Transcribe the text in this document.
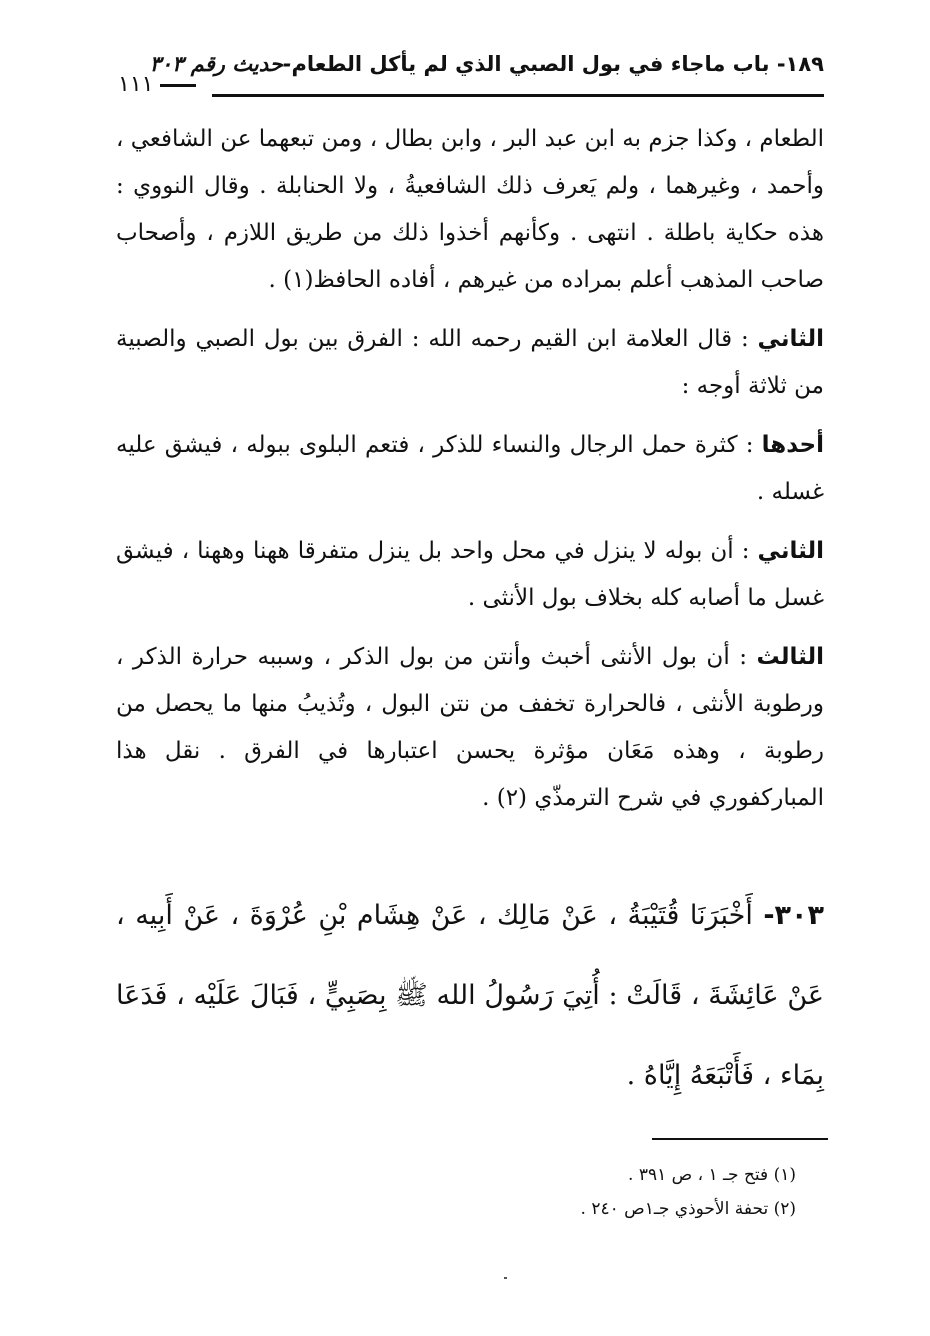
١٨٩- باب ماجاء في بول الصبي الذي لم يأكل الطعام-حديث رقم ٣٠٣
١١١

الطعام ، وكذا جزم به ابن عبد البر ، وابن بطال ، ومن تبعهما عن الشافعي ، وأحمد ، وغيرهما ، ولم يَعرف ذلك الشافعيةُ ، ولا الحنابلة . وقال النووي : هذه حكاية باطلة . انتهى . وكأنهم أخذوا ذلك من طريق اللازم ، وأصحاب صاحب المذهب أعلم بمراده من غيرهم ، أفاده الحافظ(١) .

الثاني : قال العلامة ابن القيم رحمه الله : الفرق بين بول الصبي والصبية من ثلاثة أوجه :

أحدها : كثرة حمل الرجال والنساء للذكر ، فتعم البلوى ببوله ، فيشق عليه غسله .

الثاني : أن بوله لا ينزل في محل واحد بل ينزل متفرقا ههنا وههنا ، فيشق غسل ما أصابه كله بخلاف بول الأنثى .

الثالث : أن بول الأنثى أخبث وأنتن من بول الذكر ، وسببه حرارة الذكر ، ورطوبة الأنثى ، فالحرارة تخفف من نتن البول ، وتُذيبُ منها ما يحصل من رطوبة ، وهذه مَعَان مؤثرة يحسن اعتبارها في الفرق . نقل هذا المباركفوري في شرح الترمذّي (٢) .

٣٠٣- أَخْبَرَنَا قُتَيْبَةُ ، عَنْ مَالِك ، عَنْ هِشَام بْنِ عُرْوَةَ ، عَنْ أَبِيه ، عَنْ عَائِشَةَ ، قَالَتْ : أُتِيَ رَسُولُ الله ﷺ بِصَبِيٍّ ، فَبَالَ عَلَيْه ، فَدَعَا بِمَاء ، فَأَتْبَعَهُ إِيَّاهُ .
(١) فتح جـ ١ ، ص ٣٩١ .
(٢) تحفة الأحوذي جـ١ص ٢٤٠ .
